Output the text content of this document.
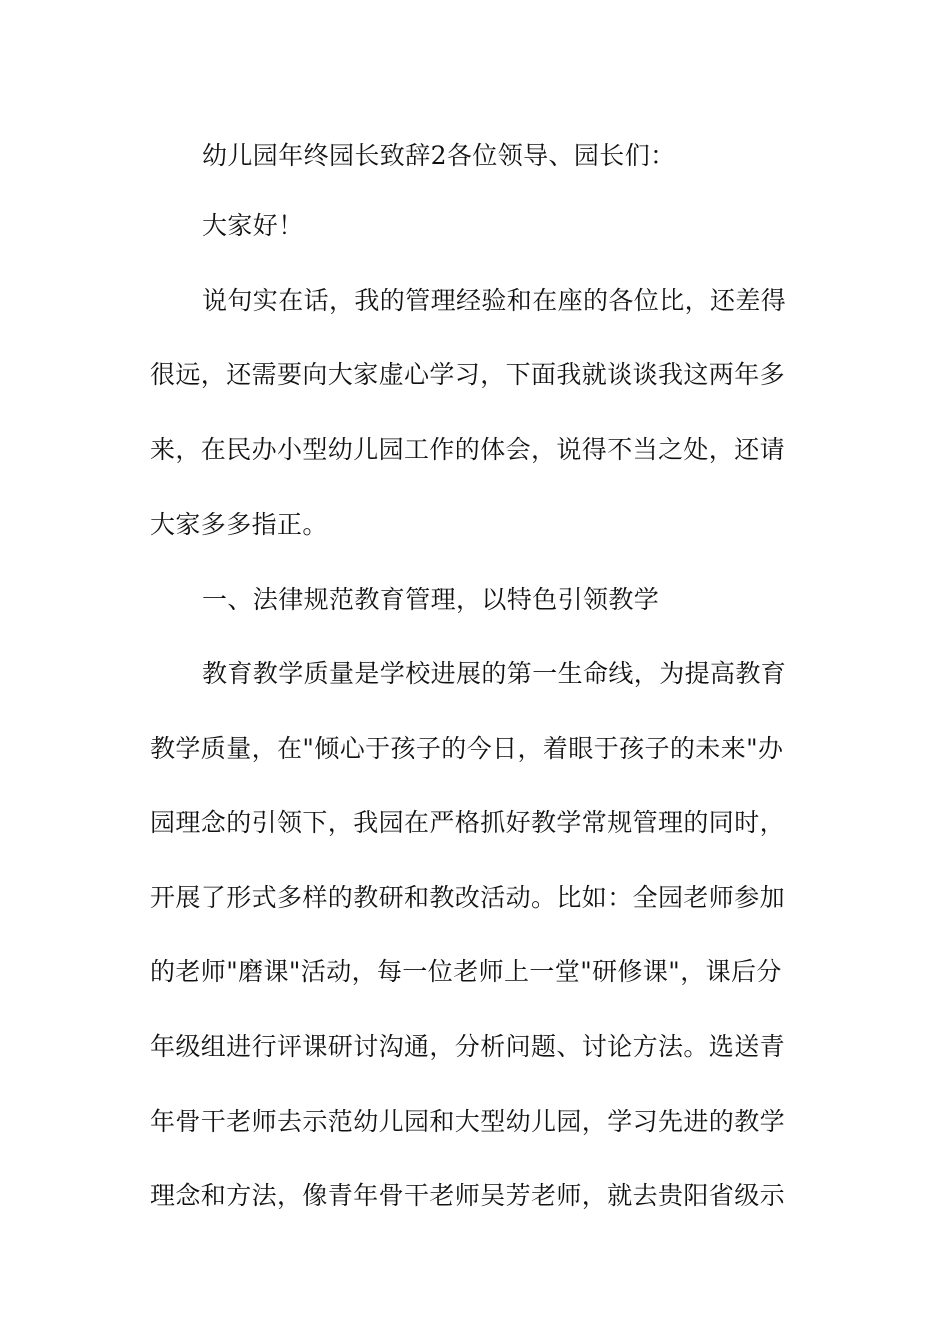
幼儿园年终园长致辞2各位领导、园长们：
大家好！
说句实在话，我的管理经验和在座的各位比，还差得
很远，还需要向大家虚心学习，下面我就谈谈我这两年多
来，在民办小型幼儿园工作的体会，说得不当之处，还请
大家多多指正。
一、法律规范教育管理，以特色引领教学
教育教学质量是学校进展的第一生命线，为提高教育
教学质量，在"倾心于孩子的今日，着眼于孩子的未来"办
园理念的引领下，我园在严格抓好教学常规管理的同时，
开展了形式多样的教研和教改活动。比如：全园老师参加
的老师"磨课"活动，每一位老师上一堂"研修课"，课后分
年级组进行评课研讨沟通，分析问题、讨论方法。选送青
年骨干老师去示范幼儿园和大型幼儿园，学习先进的教学
理念和方法，像青年骨干老师吴芳老师，就去贵阳省级示
